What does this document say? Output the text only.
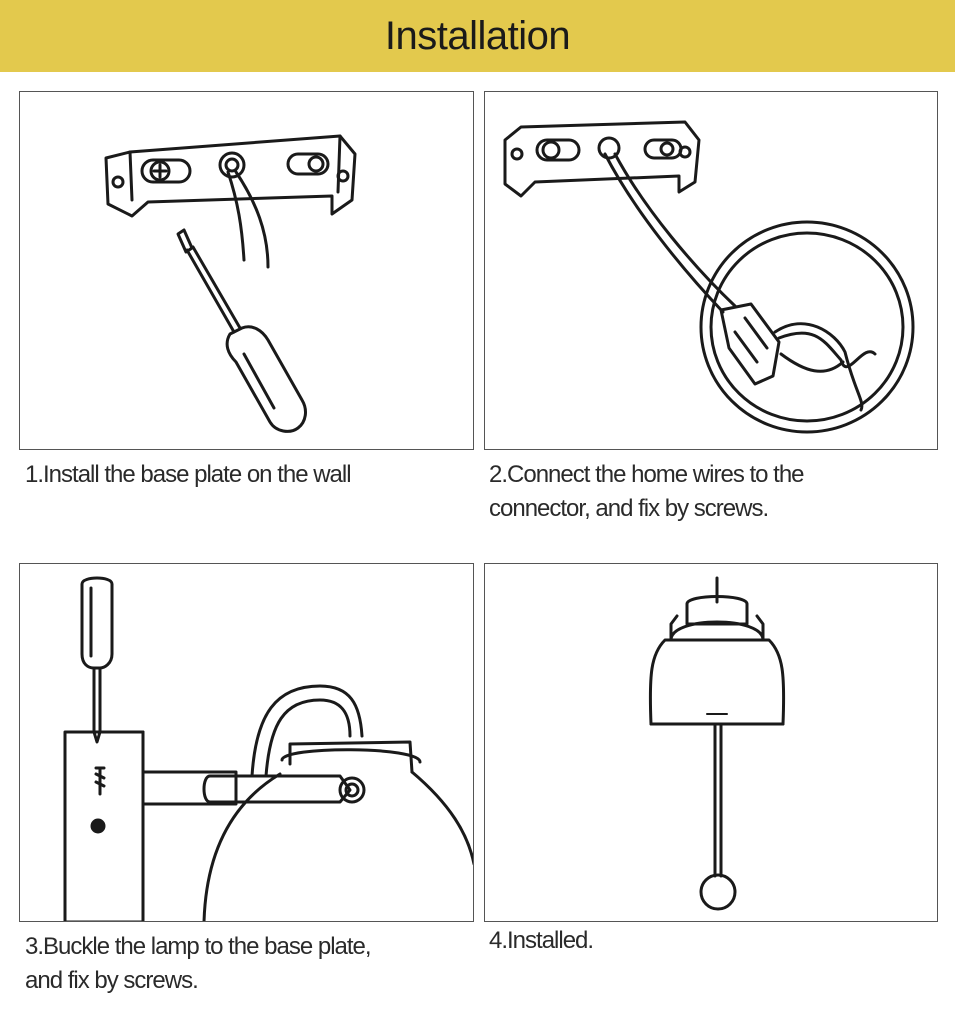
Installation
1.Install the base plate on the wall	2.Connect the home wires to the
connector, and fix by screws.
3.Buckle the lamp to the base plate,
and fix by screws.
4.Installed.
